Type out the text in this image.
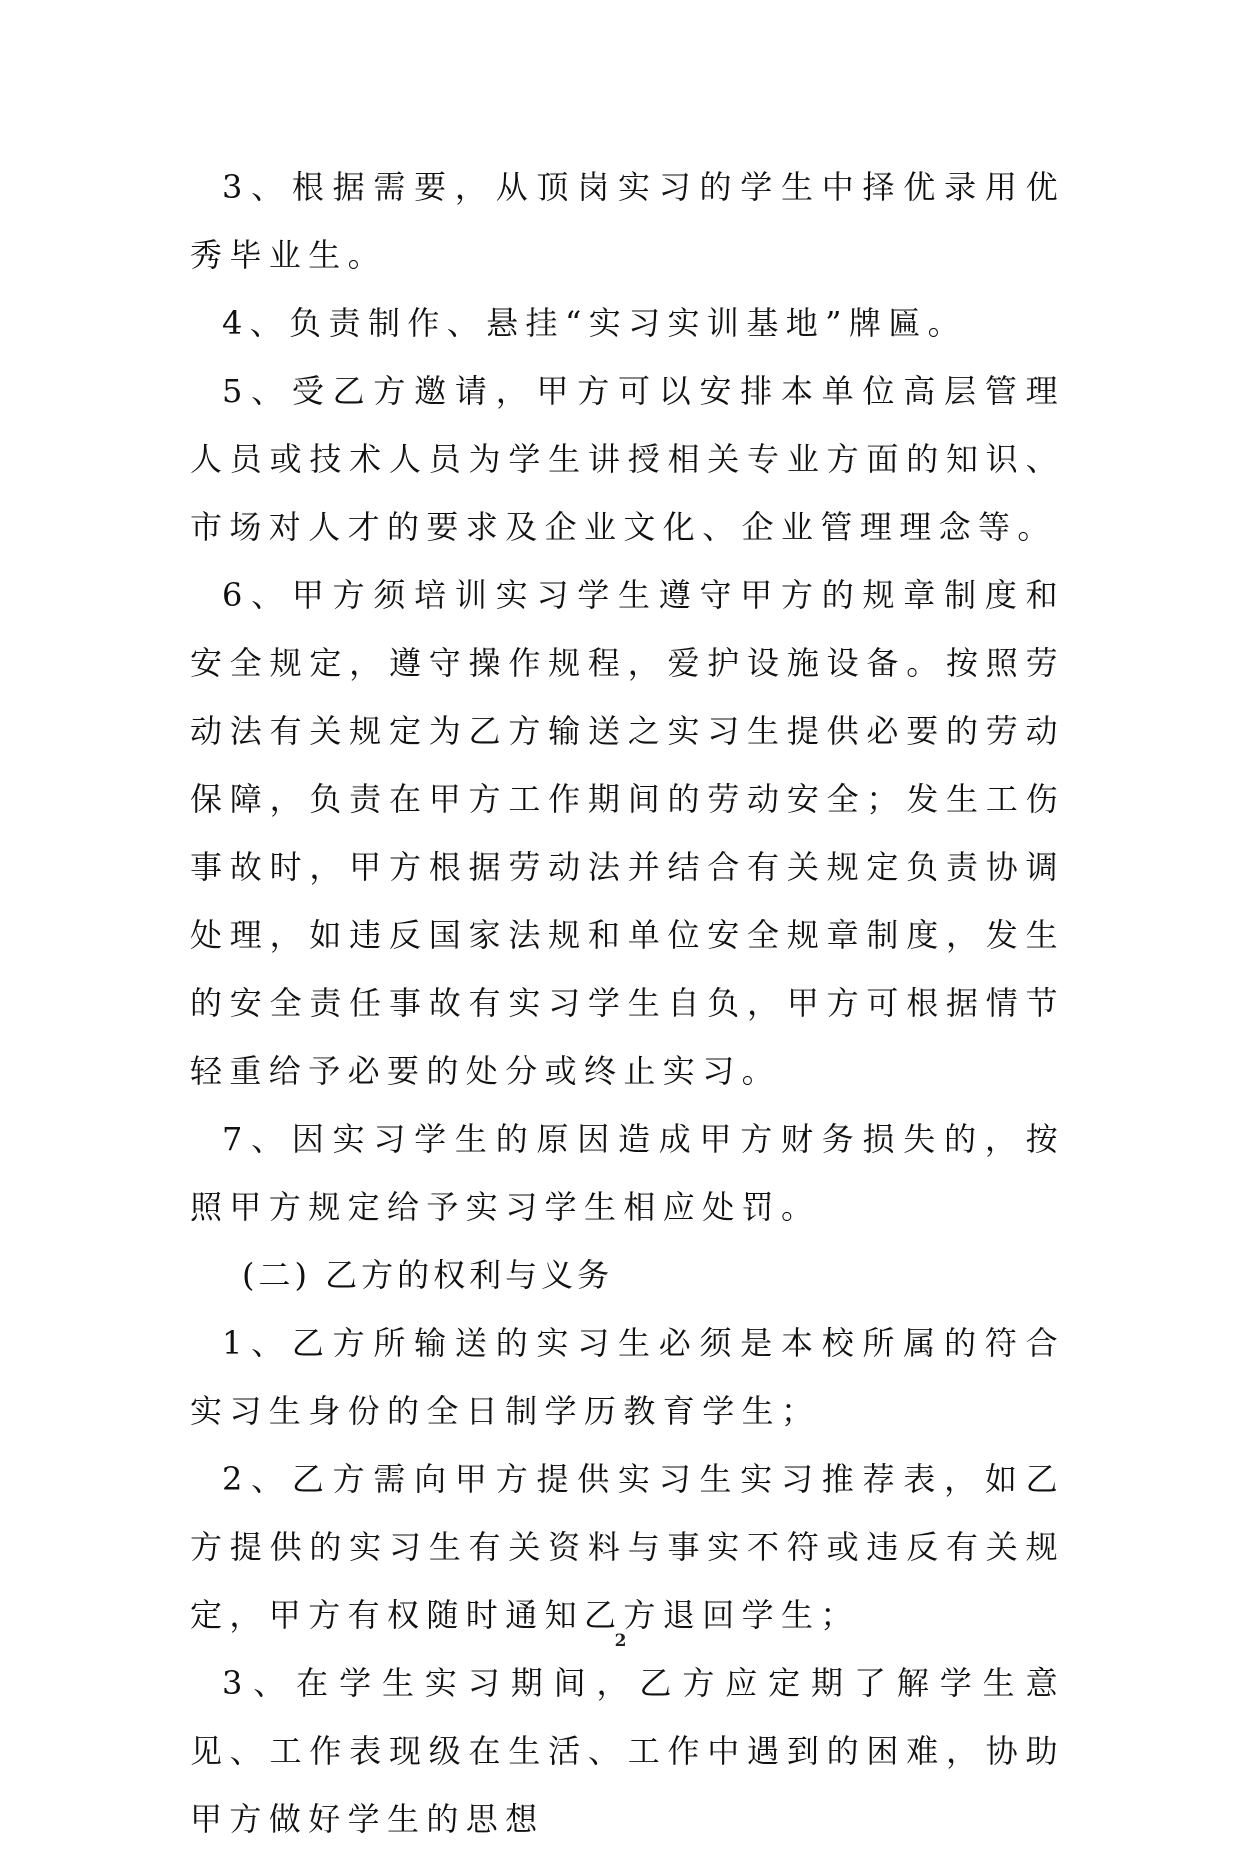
3、根据需要，从顶岗实习的学生中择优录用优秀毕业生。

4、负责制作、悬挂“实习实训基地”牌匾。

5、受乙方邀请，甲方可以安排本单位高层管理人员或技术人员为学生讲授相关专业方面的知识、市场对人才的要求及企业文化、企业管理理念等。

6、甲方须培训实习学生遵守甲方的规章制度和安全规定，遵守操作规程，爱护设施设备。按照劳动法有关规定为乙方输送之实习生提供必要的劳动保障，负责在甲方工作期间的劳动安全；发生工伤事故时，甲方根据劳动法并结合有关规定负责协调处理，如违反国家法规和单位安全规章制度，发生的安全责任事故有实习学生自负，甲方可根据情节轻重给予必要的处分或终止实习。

7、因实习学生的原因造成甲方财务损失的，按照甲方规定给予实习学生相应处罚。

(二) 乙方的权利与义务

1、乙方所输送的实习生必须是本校所属的符合实习生身份的全日制学历教育学生；

2、乙方需向甲方提供实习生实习推荐表，如乙方提供的实习生有关资料与事实不符或违反有关规定，甲方有权随时通知乙方退回学生；

3、在学生实习期间，乙方应定期了解学生意见、工作表现级在生活、工作中遇到的困难，协助甲方做好学生的思想

2
